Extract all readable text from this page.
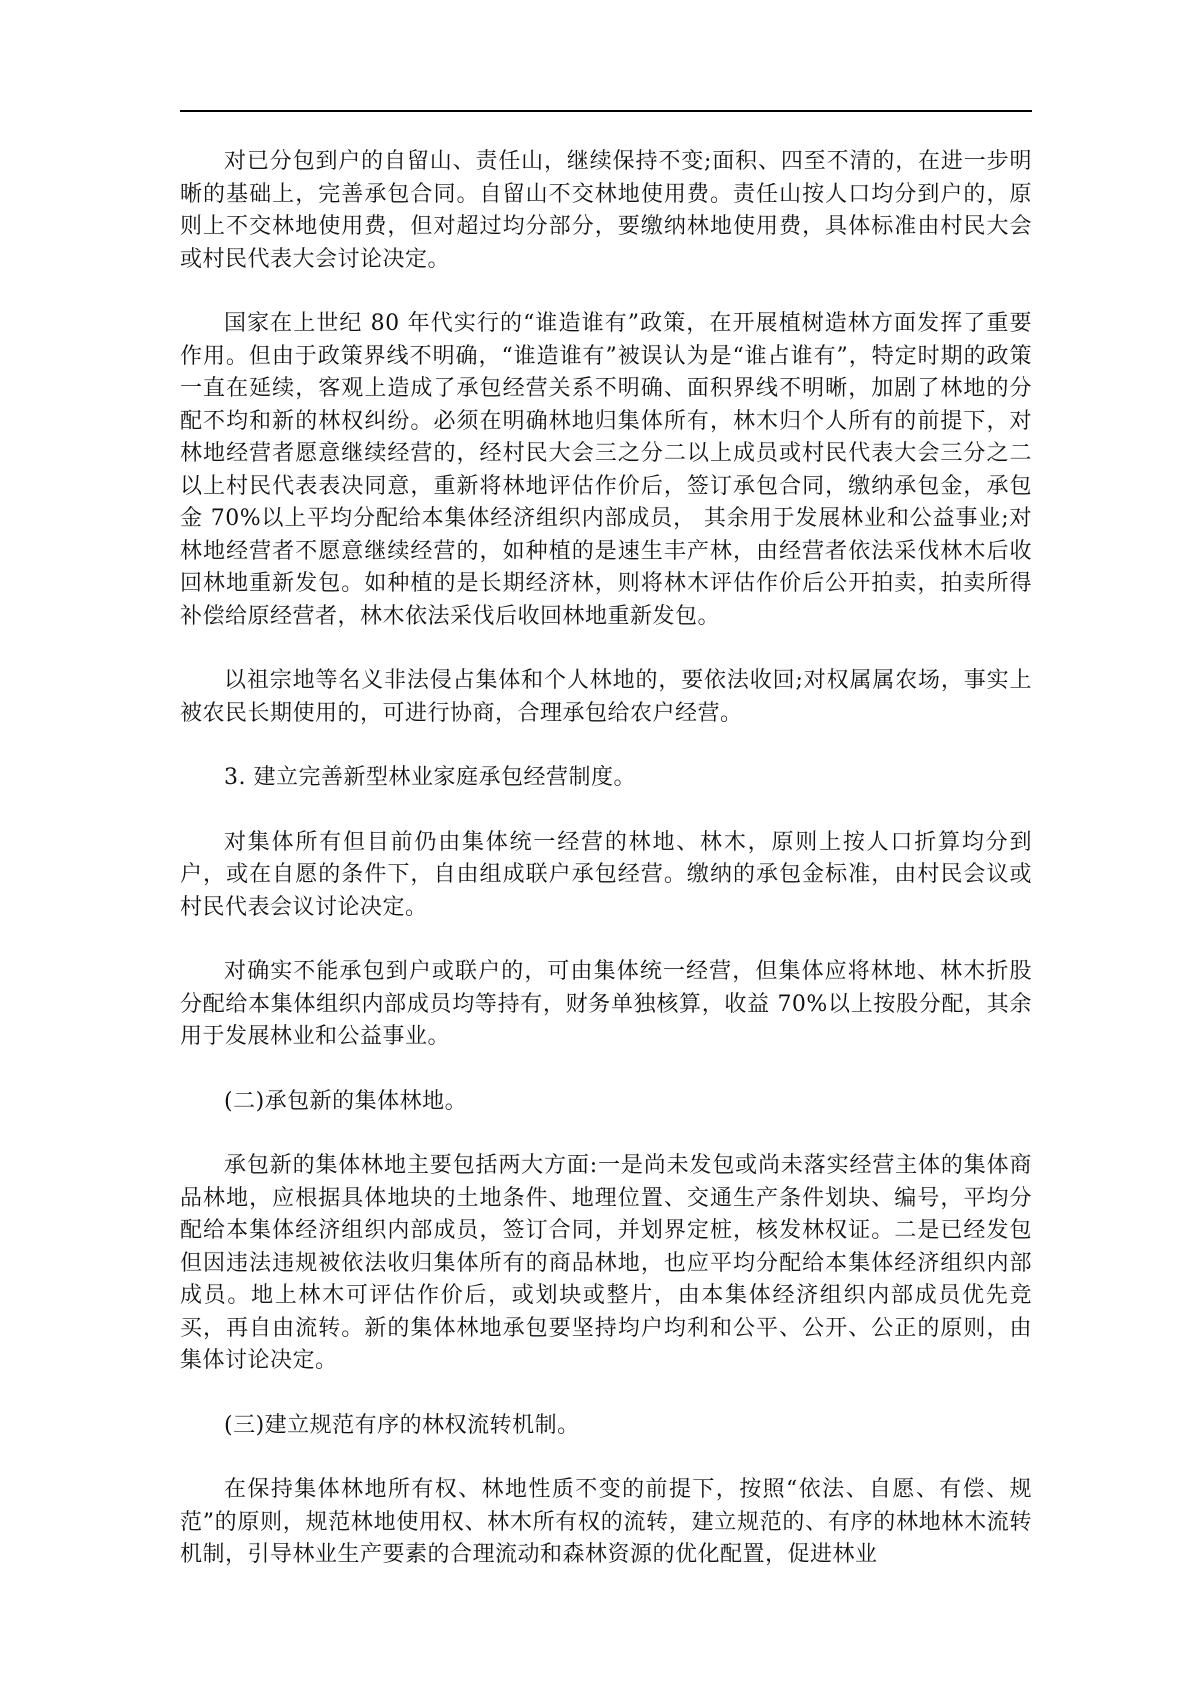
对已分包到户的自留山、责任山，继续保持不变;面积、四至不清的，在进一步明晰的基础上，完善承包合同。自留山不交林地使用费。责任山按人口均分到户的，原则上不交林地使用费，但对超过均分部分，要缴纳林地使用费，具体标准由村民大会或村民代表大会讨论决定。

国家在上世纪 80 年代实行的“谁造谁有”政策，在开展植树造林方面发挥了重要作用。但由于政策界线不明确，“谁造谁有”被误认为是“谁占谁有”，特定时期的政策一直在延续，客观上造成了承包经营关系不明确、面积界线不明晰，加剧了林地的分配不均和新的林权纠纷。必须在明确林地归集体所有，林木归个人所有的前提下，对林地经营者愿意继续经营的，经村民大会三之分二以上成员或村民代表大会三分之二以上村民代表表决同意，重新将林地评估作价后，签订承包合同，缴纳承包金，承包金 70%以上平均分配给本集体经济组织内部成员， 其余用于发展林业和公益事业;对林地经营者不愿意继续经营的，如种植的是速生丰产林，由经营者依法采伐林木后收回林地重新发包。如种植的是长期经济林，则将林木评估作价后公开拍卖，拍卖所得补偿给原经营者，林木依法采伐后收回林地重新发包。

以祖宗地等名义非法侵占集体和个人林地的，要依法收回;对权属属农场，事实上被农民长期使用的，可进行协商，合理承包给农户经营。

3. 建立完善新型林业家庭承包经营制度。

对集体所有但目前仍由集体统一经营的林地、林木，原则上按人口折算均分到户，或在自愿的条件下，自由组成联户承包经营。缴纳的承包金标准，由村民会议或村民代表会议讨论决定。

对确实不能承包到户或联户的，可由集体统一经营，但集体应将林地、林木折股分配给本集体组织内部成员均等持有，财务单独核算，收益 70%以上按股分配，其余用于发展林业和公益事业。

(二)承包新的集体林地。

承包新的集体林地主要包括两大方面:一是尚未发包或尚未落实经营主体的集体商品林地，应根据具体地块的土地条件、地理位置、交通生产条件划块、编号，平均分配给本集体经济组织内部成员，签订合同，并划界定桩，核发林权证。二是已经发包但因违法违规被依法收归集体所有的商品林地，也应平均分配给本集体经济组织内部成员。地上林木可评估作价后，或划块或整片，由本集体经济组织内部成员优先竞买，再自由流转。新的集体林地承包要坚持均户均利和公平、公开、公正的原则，由集体讨论决定。

(三)建立规范有序的林权流转机制。

在保持集体林地所有权、林地性质不变的前提下，按照“依法、自愿、有偿、规范”的原则，规范林地使用权、林木所有权的流转，建立规范的、有序的林地林木流转机制，引导林业生产要素的合理流动和森林资源的优化配置，促进林业
